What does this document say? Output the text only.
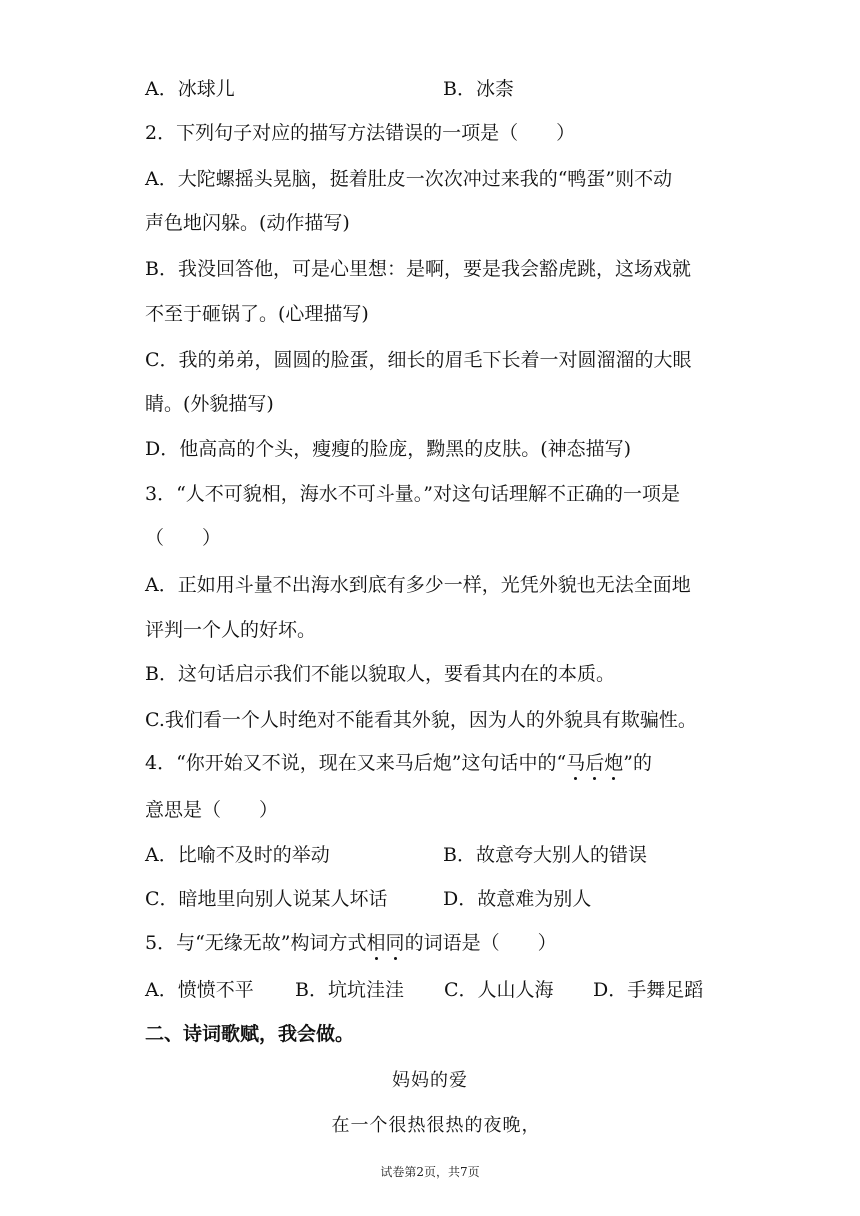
A．冰球儿	B．冰柰
2．下列句子对应的描写方法错误的一项是（　　）
A．大陀螺摇头晃脑，挺着肚皮一次次冲过来我的“鸭蛋”则不动
声色地闪躲。(动作描写)
B．我没回答他，可是心里想：是啊，要是我会豁虎跳，这场戏就
不至于砸锅了。(心理描写)
C．我的弟弟，圆圆的脸蛋，细长的眉毛下长着一对圆溜溜的大眼
睛。(外貌描写)
D．他高高的个头，瘦瘦的脸庞，黝黑的皮肤。(神态描写)
3．“人不可貌相，海水不可斗量。”对这句话理解不正确的一项是
（　　）
A．正如用斗量不出海水到底有多少一样，光凭外貌也无法全面地
评判一个人的好坏。
B．这句话启示我们不能以貌取人，要看其内在的本质。
C.我们看一个人时绝对不能看其外貌，因为人的外貌具有欺骗性。
4．“你开始又不说，现在又来马后炮”这句话中的“马后炮”的
意思是（　　）
A．比喻不及时的举动	B．故意夸大别人的错误
C．暗地里向别人说某人坏话	D．故意难为别人
5．与“无缘无故”构词方式相同的词语是（　　）
A．愤愤不平 B．坑坑洼洼 C．人山人海 D．手舞足蹈
二、诗词歌赋，我会做。
妈妈的爱
在一个很热很热的夜晚，
试卷第2页，共7页
